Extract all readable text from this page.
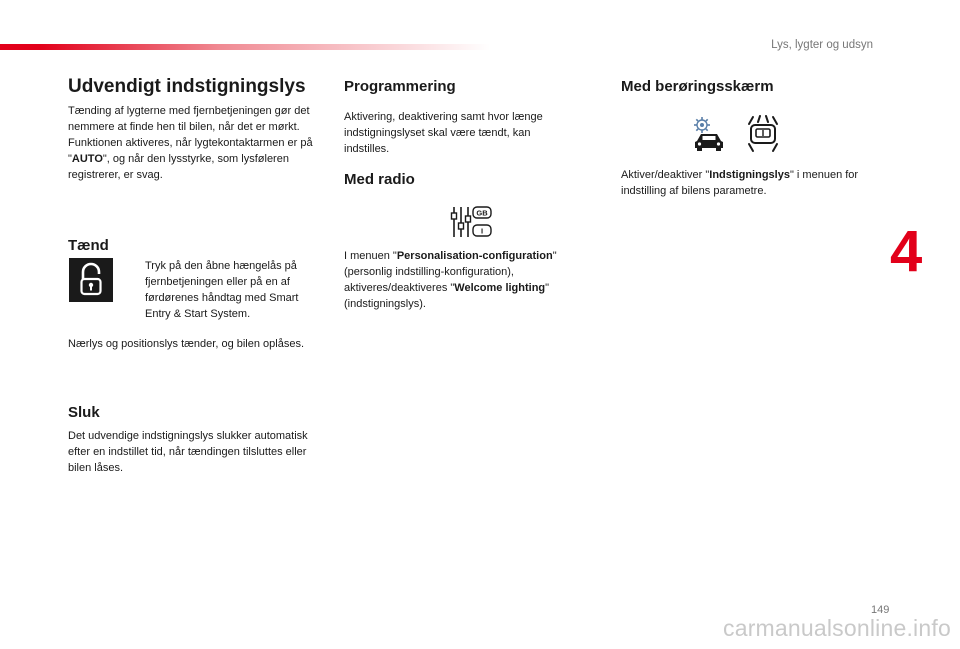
Lys, lygter og udsyn
Udvendigt indstigningslys

Tænding af lygterne med fjernbetjeningen gør det nemmere at finde hen til bilen, når det er mørkt. Funktionen aktiveres, når lygtekontaktarmen er på "AUTO", og når den lysstyrke, som lysføleren registrerer, er svag.

Tænd
Tryk på den åbne hængelås på fjernbetjeningen eller på en af førdørenes håndtag med Smart Entry & Start System.

Nærlys og positionslys tænder, og bilen oplåses.

Sluk

Det udvendige indstigningslys slukker automatisk efter en indstillet tid, når tændingen tilsluttes eller bilen låses.

Programmering

Aktivering, deaktivering samt hvor længe indstigningslyset skal være tændt, kan indstilles.

Med radio
GB
I

I menuen "Personalisation-configuration" (personlig indstilling-konfiguration), aktiveres/deaktiveres "Welcome lighting" (indstigningslys).

Med berøringsskærm

Aktiver/deaktiver "Indstigningslys" i menuen for indstilling af bilens parametre.

4
149
carmanualsonline.info
